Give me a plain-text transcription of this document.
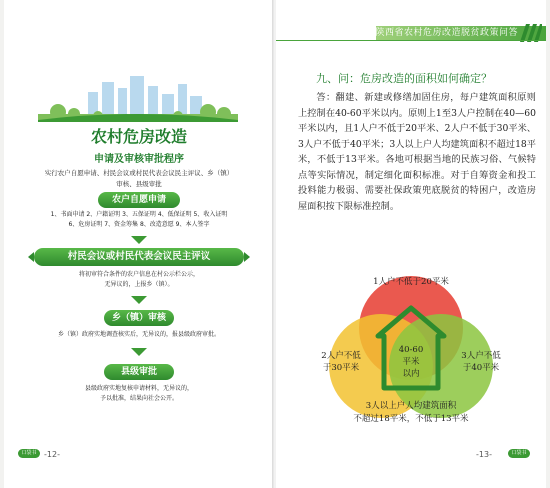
农村危房改造
申请及审核审批程序
实行农户自愿申请、村民会议或村民代表会议民主评议、乡（镇）审核、县级审批
农户自愿申请
1、书面申请 2、户籍证明 3、五保证明 4、低保证明 5、收入证明
6、危房证明 7、资金筹集 8、改造意愿 9、本人签字
村民会议或村民代表会议民主评议
将初审符合条件的农户信息在村公示栏公示，
无异议的，上报乡（镇）。
乡（镇）审核
乡（镇）政府实地调查核实后，无异议的，报县级政府审批。
县级审批
县级政府实地复核申请材料，无异议的，
予以批准，结果向社会公开。
口袋书 -12-
陕西省农村危房改造脱贫政策问答
九、问：危房改造的面积如何确定？
答：翻建、新建或修缮加固住房，每户建筑面积原则上控制在40-60平米以内。原则上1至3人户控制在40—60平米以内，且1人户不低于20平米、2人户不低于30平米、3人户不低于40平米；3人以上户人均建筑面积不超过18平米，不低于13平米。各地可根据当地的民族习俗、气候特点等实际情况，制定细化面积标准。对于自筹资金和投工投料能力极弱、需要社保政策兜底脱贫的特困户，改造房屋面积按下限标准控制。
1人户不低于20平米
2人户不低
于30平米
3人户不低
于40平米
40-60
平米
以内
3人以上户人均建筑面积
不超过18平米，不低于13平米
-13-	口袋书
